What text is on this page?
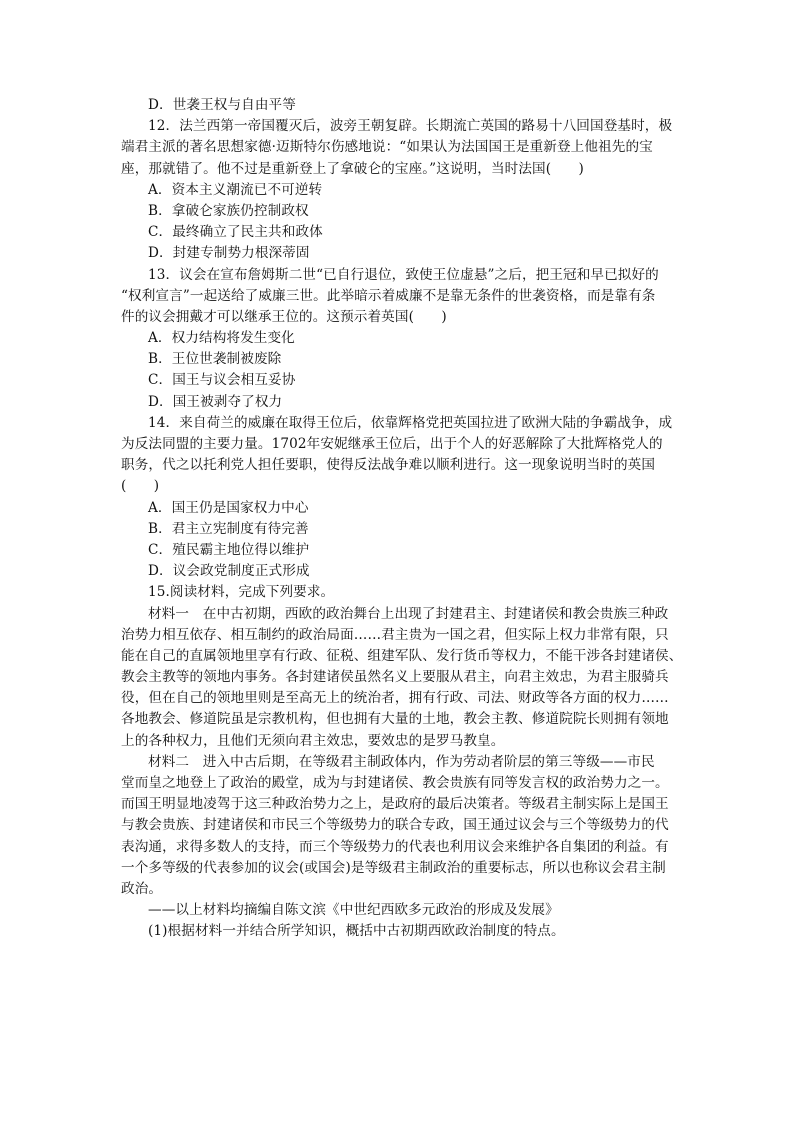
D．世袭王权与自由平等
12．法兰西第一帝国覆灭后，波旁王朝复辟。长期流亡英国的路易十八回国登基时，极
端君主派的著名思想家德·迈斯特尔伤感地说：“如果认为法国国王是重新登上他祖先的宝
座，那就错了。他不过是重新登上了拿破仑的宝座。”这说明，当时法国(　　)
A．资本主义潮流已不可逆转
B．拿破仑家族仍控制政权
C．最终确立了民主共和政体
D．封建专制势力根深蒂固
13．议会在宣布詹姆斯二世“已自行退位，致使王位虚悬”之后，把王冠和早已拟好的
“权利宣言”一起送给了威廉三世。此举暗示着威廉不是靠无条件的世袭资格，而是靠有条
件的议会拥戴才可以继承王位的。这预示着英国(　　)
A．权力结构将发生变化
B．王位世袭制被废除
C．国王与议会相互妥协
D．国王被剥夺了权力
14．来自荷兰的威廉在取得王位后，依靠辉格党把英国拉进了欧洲大陆的争霸战争，成
为反法同盟的主要力量。1702年安妮继承王位后，出于个人的好恶解除了大批辉格党人的
职务，代之以托利党人担任要职，使得反法战争难以顺利进行。这一现象说明当时的英国
(　　)
A．国王仍是国家权力中心
B．君主立宪制度有待完善
C．殖民霸主地位得以维护
D．议会政党制度正式形成
15.阅读材料，完成下列要求。
材料一　在中古初期，西欧的政治舞台上出现了封建君主、封建诸侯和教会贵族三种政
治势力相互依存、相互制约的政治局面……君主贵为一国之君，但实际上权力非常有限，只
能在自己的直属领地里享有行政、征税、组建军队、发行货币等权力，不能干涉各封建诸侯、
教会主教等的领地内事务。各封建诸侯虽然名义上要服从君主，向君主效忠，为君主服骑兵
役，但在自己的领地里则是至高无上的统治者，拥有行政、司法、财政等各方面的权力……
各地教会、修道院虽是宗教机构，但也拥有大量的土地，教会主教、修道院院长则拥有领地
上的各种权力，且他们无须向君主效忠，要效忠的是罗马教皇。
材料二　进入中古后期，在等级君主制政体内，作为劳动者阶层的第三等级——市民
堂而皇之地登上了政治的殿堂，成为与封建诸侯、教会贵族有同等发言权的政治势力之一。
而国王明显地凌驾于这三种政治势力之上，是政府的最后决策者。等级君主制实际上是国王
与教会贵族、封建诸侯和市民三个等级势力的联合专政，国王通过议会与三个等级势力的代
表沟通，求得多数人的支持，而三个等级势力的代表也利用议会来维护各自集团的利益。有
一个多等级的代表参加的议会(或国会)是等级君主制政治的重要标志，所以也称议会君主制
政治。
——以上材料均摘编自陈文滨《中世纪西欧多元政治的形成及发展》
(1)根据材料一并结合所学知识，概括中古初期西欧政治制度的特点。
